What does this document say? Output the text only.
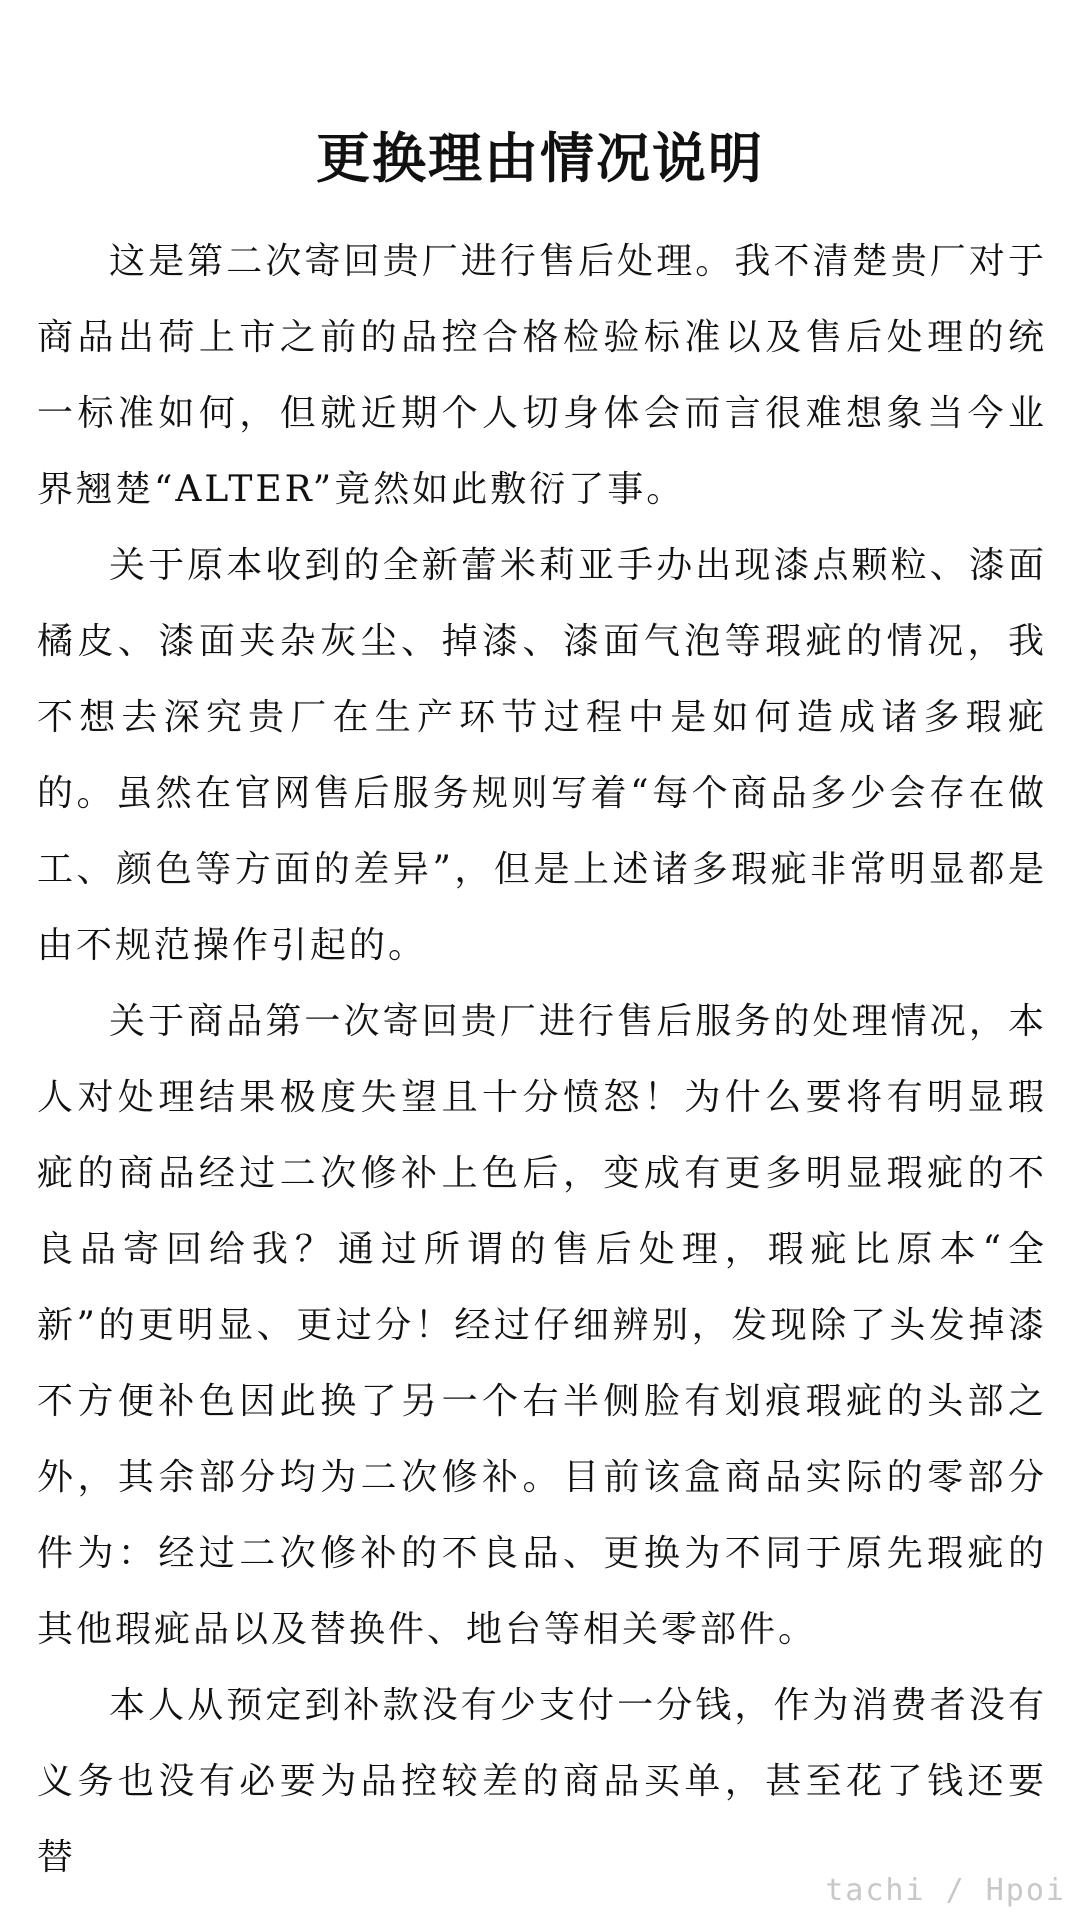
更换理由情况说明

这是第二次寄回贵厂进行售后处理。我不清楚贵厂对于商品出荷上市之前的品控合格检验标准以及售后处理的统一标准如何，但就近期个人切身体会而言很难想象当今业界翘楚“ALTER”竟然如此敷衍了事。

关于原本收到的全新蕾米莉亚手办出现漆点颗粒、漆面橘皮、漆面夹杂灰尘、掉漆、漆面气泡等瑕疵的情况，我不想去深究贵厂在生产环节过程中是如何造成诸多瑕疵的。虽然在官网售后服务规则写着“每个商品多少会存在做工、颜色等方面的差异”，但是上述诸多瑕疵非常明显都是由不规范操作引起的。

关于商品第一次寄回贵厂进行售后服务的处理情况，本人对处理结果极度失望且十分愤怒！为什么要将有明显瑕疵的商品经过二次修补上色后，变成有更多明显瑕疵的不良品寄回给我？通过所谓的售后处理，瑕疵比原本“全新”的更明显、更过分！经过仔细辨别，发现除了头发掉漆不方便补色因此换了另一个右半侧脸有划痕瑕疵的头部之外，其余部分均为二次修补。目前该盒商品实际的零部分件为：经过二次修补的不良品、更换为不同于原先瑕疵的其他瑕疵品以及替换件、地台等相关零部件。

本人从预定到补款没有少支付一分钱，作为消费者没有义务也没有必要为品控较差的商品买单，甚至花了钱还要替

tachi / Hpoi
